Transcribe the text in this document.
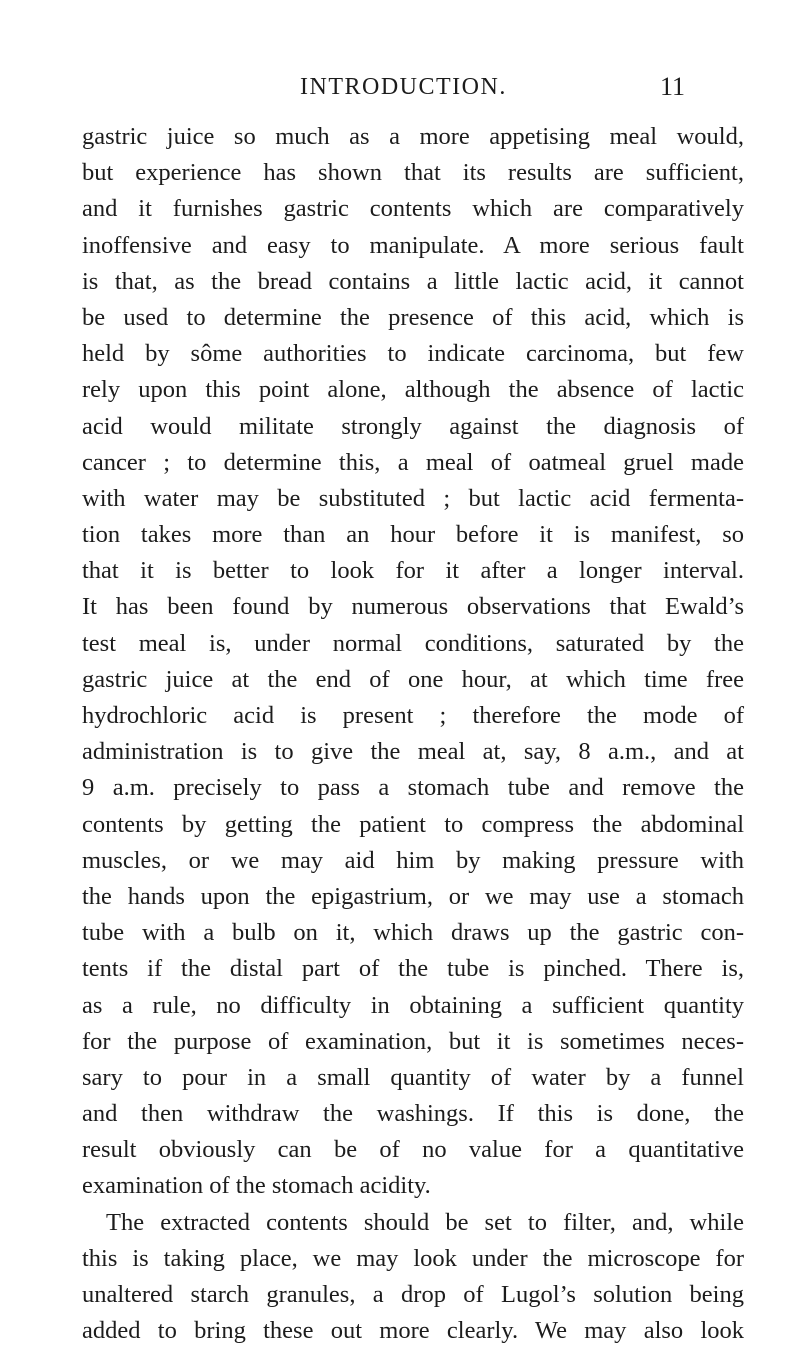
INTRODUCTION.	11
gastric juice so much as a more appetising meal would,
but experience has shown that its results are sufficient,
and it furnishes gastric contents which are comparatively
inoffensive and easy to manipulate. A more serious fault
is that, as the bread contains a little lactic acid, it cannot
be used to determine the presence of this acid, which is
held by sôme authorities to indicate carcinoma, but few
rely upon this point alone, although the absence of lactic
acid would militate strongly against the diagnosis of
cancer ; to determine this, a meal of oatmeal gruel made
with water may be substituted ; but lactic acid fermenta-
tion takes more than an hour before it is manifest, so
that it is better to look for it after a longer interval.
It has been found by numerous observations that Ewald’s
test meal is, under normal conditions, saturated by the
gastric juice at the end of one hour, at which time free
hydrochloric acid is present ; therefore the mode of
administration is to give the meal at, say, 8 a.m., and at
9 a.m. precisely to pass a stomach tube and remove the
contents by getting the patient to compress the abdominal
muscles, or we may aid him by making pressure with
the hands upon the epigastrium, or we may use a stomach
tube with a bulb on it, which draws up the gastric con-
tents if the distal part of the tube is pinched. There is,
as a rule, no difficulty in obtaining a sufficient quantity
for the purpose of examination, but it is sometimes neces-
sary to pour in a small quantity of water by a funnel
and then withdraw the washings. If this is done, the
result obviously can be of no value for a quantitative
examination of the stomach acidity.
The extracted contents should be set to filter, and, while
this is taking place, we may look under the microscope for
unaltered starch granules, a drop of Lugol’s solution being
added to bring these out more clearly. We may also look
